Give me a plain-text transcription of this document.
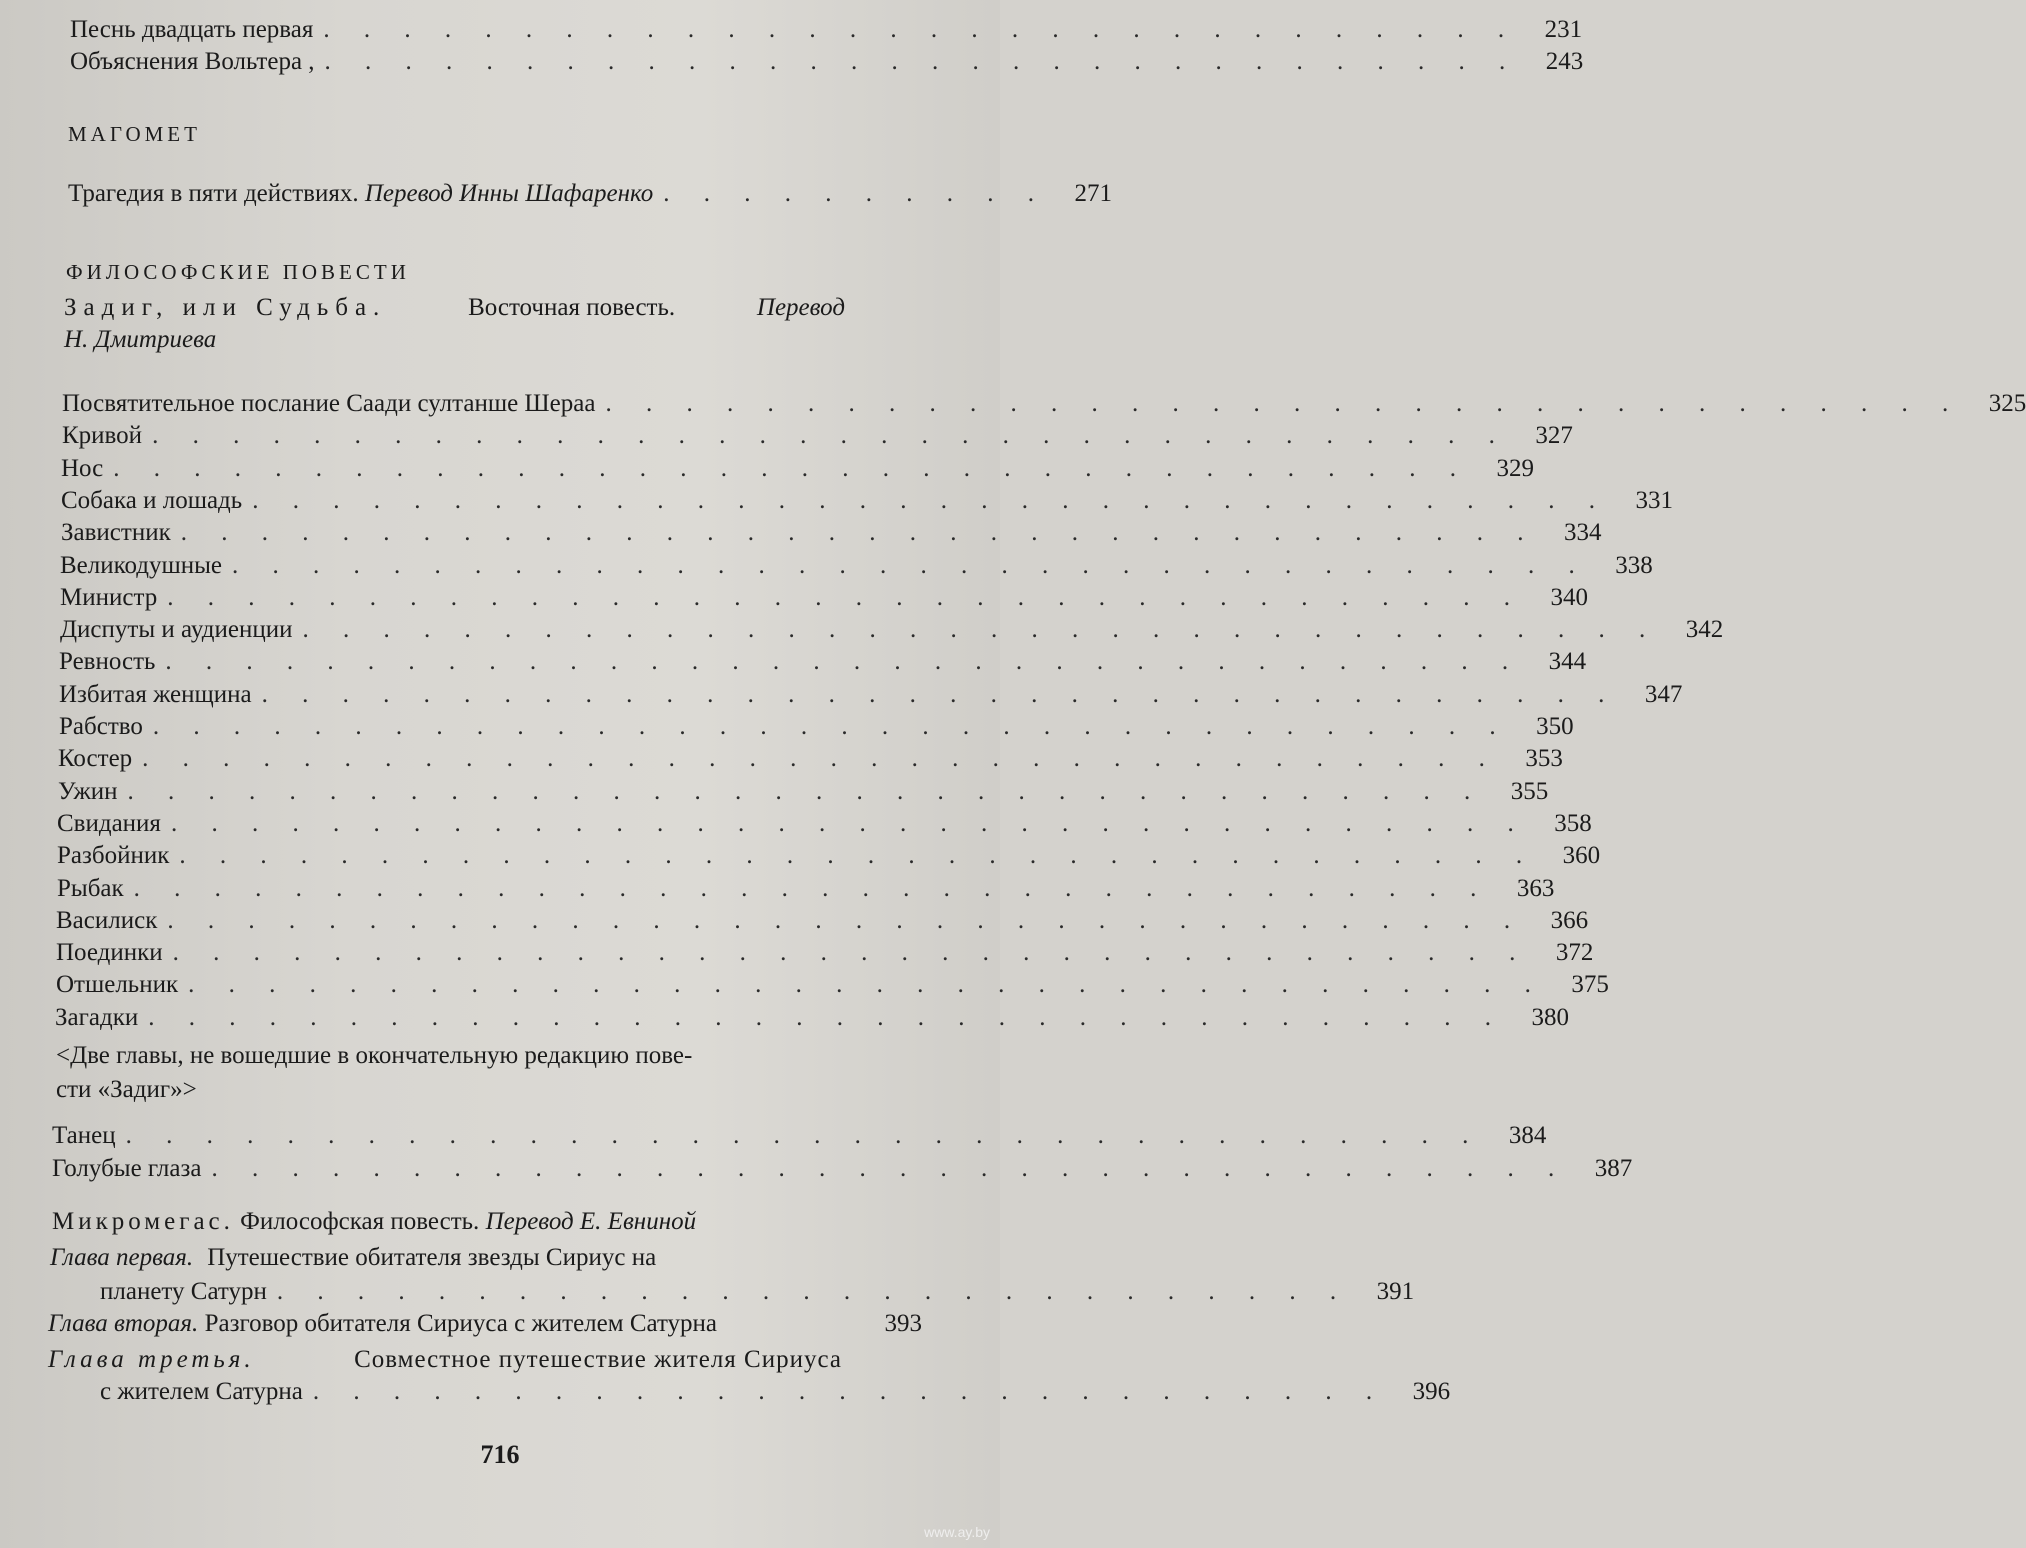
Песнь двадцать первая . . . . . . . . . . . . . . . . . . . . . . . . . . . . . .	231
Объяснения Вольтера , . . . . . . . . . . . . . . . . . . . . . . . . . . . . . .	243
МАГОМЕТ
Трагедия в пяти действиях. Перевод Инны Шафаренко . . . . . . . . . .	271
ФИЛОСОФСКИЕ ПОВЕСТИ
Задиг, или Судьба.	Восточная повесть.	Перевод
Н. Дмитриева
Посвятительное послание Саади султанше Шераа . . . . . . . . . . . . . . . . . . . . . . . . . . . . . . . . . .	325
Кривой . . . . . . . . . . . . . . . . . . . . . . . . . . . . . . . . . .	327
Нос . . . . . . . . . . . . . . . . . . . . . . . . . . . . . . . . . .	329
Собака и лошадь . . . . . . . . . . . . . . . . . . . . . . . . . . . . . . . . . .	331
Завистник . . . . . . . . . . . . . . . . . . . . . . . . . . . . . . . . . .	334
Великодушные . . . . . . . . . . . . . . . . . . . . . . . . . . . . . . . . . .	338
Министр . . . . . . . . . . . . . . . . . . . . . . . . . . . . . . . . . .	340
Диспуты и аудиенции . . . . . . . . . . . . . . . . . . . . . . . . . . . . . . . . . .	342
Ревность . . . . . . . . . . . . . . . . . . . . . . . . . . . . . . . . . .	344
Избитая женщина . . . . . . . . . . . . . . . . . . . . . . . . . . . . . . . . . .	347
Рабство . . . . . . . . . . . . . . . . . . . . . . . . . . . . . . . . . .	350
Костер . . . . . . . . . . . . . . . . . . . . . . . . . . . . . . . . . .	353
Ужин . . . . . . . . . . . . . . . . . . . . . . . . . . . . . . . . . .	355
Свидания . . . . . . . . . . . . . . . . . . . . . . . . . . . . . . . . . .	358
Разбойник . . . . . . . . . . . . . . . . . . . . . . . . . . . . . . . . . .	360
Рыбак . . . . . . . . . . . . . . . . . . . . . . . . . . . . . . . . . .	363
Василиск . . . . . . . . . . . . . . . . . . . . . . . . . . . . . . . . . .	366
Поединки . . . . . . . . . . . . . . . . . . . . . . . . . . . . . . . . . .	372
Отшельник . . . . . . . . . . . . . . . . . . . . . . . . . . . . . . . . . .	375
Загадки . . . . . . . . . . . . . . . . . . . . . . . . . . . . . . . . . .	380
<Две главы, не вошедшие в окончательную редакцию пове-
сти «Задиг»>
Танец . . . . . . . . . . . . . . . . . . . . . . . . . . . . . . . . . .	384
Голубые глаза . . . . . . . . . . . . . . . . . . . . . . . . . . . . . . . . . .	387
Микромегас. Философская повесть. Перевод Е. Евниной
Глава первая. Путешествие обитателя звезды Сириус на
планету Сатурн . . . . . . . . . . . . . . . . . . . . . . . . . . .	391
Глава вторая. Разговор обитателя Сириуса с жителем Сатурна	393
Глава третья.	Совместное путешествие жителя Сириуса
с жителем Сатурна . . . . . . . . . . . . . . . . . . . . . . . . . . .	396
716
www.ay.by
